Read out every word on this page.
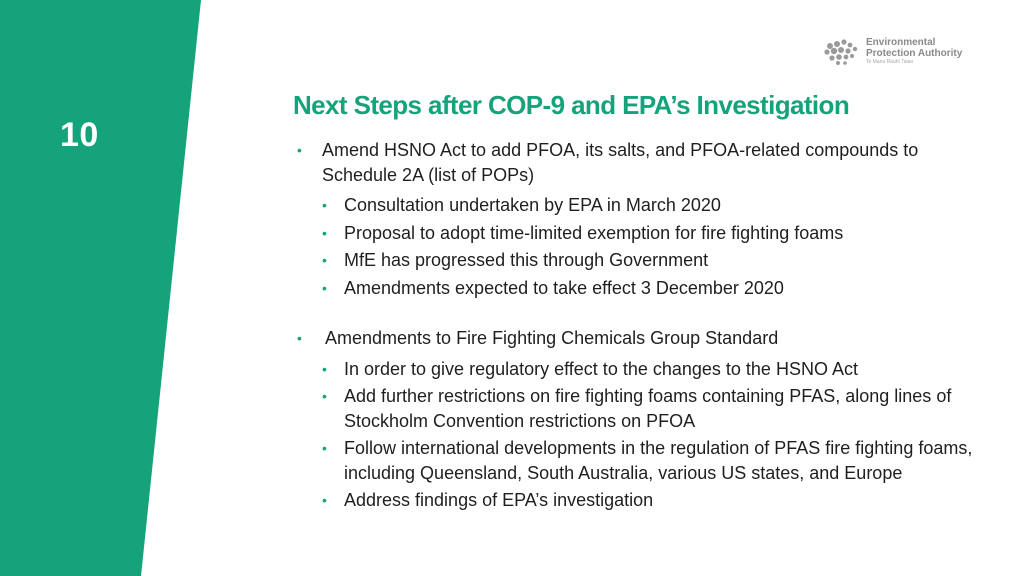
10
Environmental
Protection Authority
Te Mana Rauhī Taiao
Next Steps after COP-9 and EPA’s Investigation
• Amend HSNO Act to add PFOA, its salts, and PFOA-related compounds to Schedule 2A (list of POPs)
• Consultation undertaken by EPA in March 2020
• Proposal to adopt time-limited exemption for fire fighting foams
• MfE has progressed this through Government
• Amendments expected to take effect 3 December 2020
• Amendments to Fire Fighting Chemicals Group Standard
• In order to give regulatory effect to the changes to the HSNO Act
• Add further restrictions on fire fighting foams containing PFAS, along lines of Stockholm Convention restrictions on PFOA
• Follow international developments in the regulation of PFAS fire fighting foams, including Queensland, South Australia, various US states, and Europe
• Address findings of EPA’s investigation
